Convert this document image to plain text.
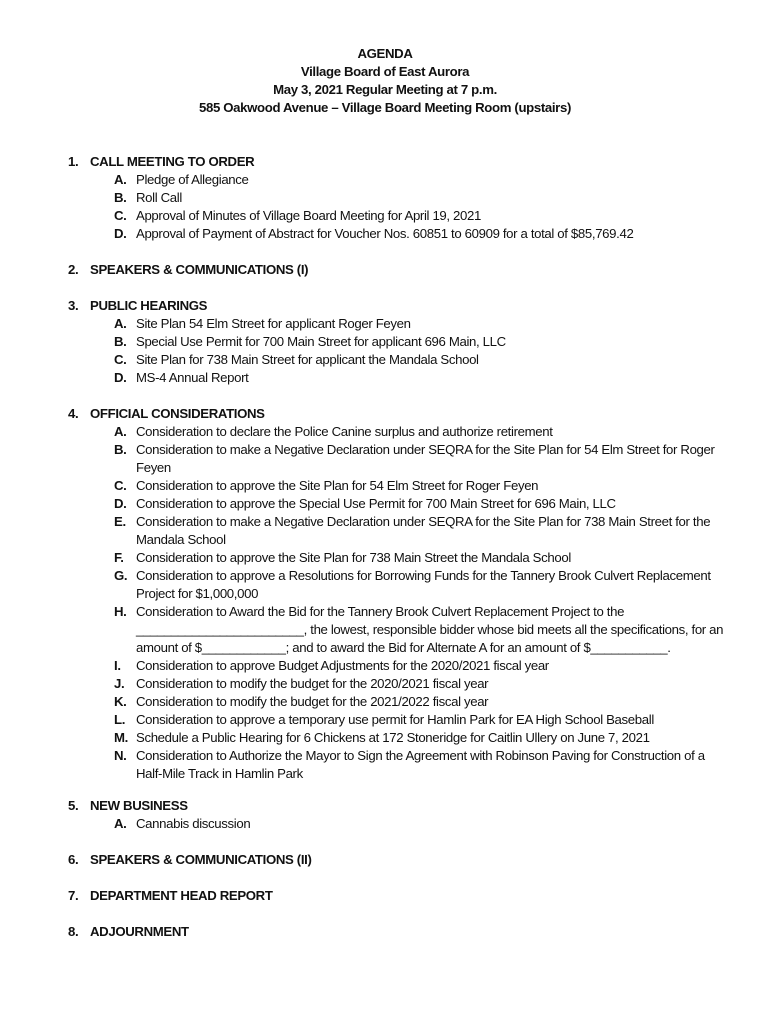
AGENDA
Village Board of East Aurora
May 3, 2021 Regular Meeting at 7 p.m.
585 Oakwood Avenue – Village Board Meeting Room (upstairs)
1. CALL MEETING TO ORDER
A. Pledge of Allegiance
B. Roll Call
C. Approval of Minutes of Village Board Meeting for April 19, 2021
D. Approval of Payment of Abstract for Voucher Nos. 60851 to 60909 for a total of $85,769.42
2. SPEAKERS & COMMUNICATIONS (I)
3. PUBLIC HEARINGS
A. Site Plan 54 Elm Street for applicant Roger Feyen
B. Special Use Permit for 700 Main Street for applicant 696 Main, LLC
C. Site Plan for 738 Main Street for applicant the Mandala School
D. MS-4 Annual Report
4. OFFICIAL CONSIDERATIONS
A. Consideration to declare the Police Canine surplus and authorize retirement
B. Consideration to make a Negative Declaration under SEQRA for the Site Plan for 54 Elm Street for Roger Feyen
C. Consideration to approve the Site Plan for 54 Elm Street for Roger Feyen
D. Consideration to approve the Special Use Permit for 700 Main Street for 696 Main, LLC
E. Consideration to make a Negative Declaration under SEQRA for the Site Plan for 738 Main Street for the Mandala School
F. Consideration to approve the Site Plan for 738 Main Street the Mandala School
G. Consideration to approve a Resolutions for Borrowing Funds for the Tannery Brook Culvert Replacement Project for $1,000,000
H. Consideration to Award the Bid for the Tannery Brook Culvert Replacement Project to the ________________________, the lowest, responsible bidder whose bid meets all the specifications, for an amount of $____________; and to award the Bid for Alternate A for an amount of $___________.
I. Consideration to approve Budget Adjustments for the 2020/2021 fiscal year
J. Consideration to modify the budget for the 2020/2021 fiscal year
K. Consideration to modify the budget for the 2021/2022 fiscal year
L. Consideration to approve a temporary use permit for Hamlin Park for EA High School Baseball
M. Schedule a Public Hearing for 6 Chickens at 172 Stoneridge for Caitlin Ullery on June 7, 2021
N. Consideration to Authorize the Mayor to Sign the Agreement with Robinson Paving for Construction of a Half-Mile Track in Hamlin Park
5. NEW BUSINESS
A. Cannabis discussion
6. SPEAKERS & COMMUNICATIONS (II)
7. DEPARTMENT HEAD REPORT
8. ADJOURNMENT
